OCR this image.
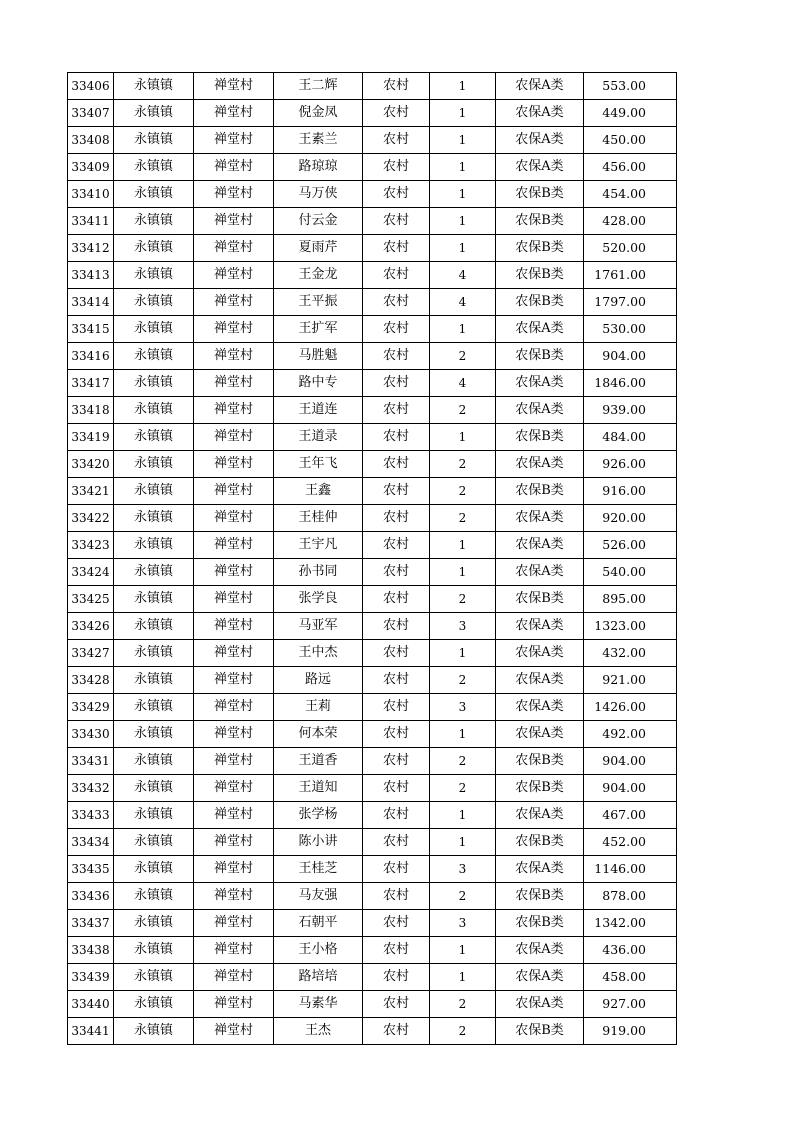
33406	永镇镇	禅堂村	王二辉	农村	1	农保A类	553.00
33407	永镇镇	禅堂村	倪金凤	农村	1	农保A类	449.00
33408	永镇镇	禅堂村	王素兰	农村	1	农保A类	450.00
33409	永镇镇	禅堂村	路琼琼	农村	1	农保A类	456.00
33410	永镇镇	禅堂村	马万侠	农村	1	农保B类	454.00
33411	永镇镇	禅堂村	付云金	农村	1	农保B类	428.00
33412	永镇镇	禅堂村	夏雨芹	农村	1	农保B类	520.00
33413	永镇镇	禅堂村	王金龙	农村	4	农保B类	1761.00
33414	永镇镇	禅堂村	王平振	农村	4	农保B类	1797.00
33415	永镇镇	禅堂村	王扩军	农村	1	农保A类	530.00
33416	永镇镇	禅堂村	马胜魁	农村	2	农保B类	904.00
33417	永镇镇	禅堂村	路中专	农村	4	农保A类	1846.00
33418	永镇镇	禅堂村	王道连	农村	2	农保A类	939.00
33419	永镇镇	禅堂村	王道录	农村	1	农保B类	484.00
33420	永镇镇	禅堂村	王年飞	农村	2	农保A类	926.00
33421	永镇镇	禅堂村	王鑫	农村	2	农保B类	916.00
33422	永镇镇	禅堂村	王桂仲	农村	2	农保A类	920.00
33423	永镇镇	禅堂村	王宇凡	农村	1	农保A类	526.00
33424	永镇镇	禅堂村	孙书同	农村	1	农保A类	540.00
33425	永镇镇	禅堂村	张学良	农村	2	农保B类	895.00
33426	永镇镇	禅堂村	马亚军	农村	3	农保A类	1323.00
33427	永镇镇	禅堂村	王中杰	农村	1	农保A类	432.00
33428	永镇镇	禅堂村	路远	农村	2	农保A类	921.00
33429	永镇镇	禅堂村	王莉	农村	3	农保A类	1426.00
33430	永镇镇	禅堂村	何本荣	农村	1	农保A类	492.00
33431	永镇镇	禅堂村	王道香	农村	2	农保B类	904.00
33432	永镇镇	禅堂村	王道知	农村	2	农保B类	904.00
33433	永镇镇	禅堂村	张学杨	农村	1	农保A类	467.00
33434	永镇镇	禅堂村	陈小讲	农村	1	农保B类	452.00
33435	永镇镇	禅堂村	王桂芝	农村	3	农保A类	1146.00
33436	永镇镇	禅堂村	马友强	农村	2	农保B类	878.00
33437	永镇镇	禅堂村	石朝平	农村	3	农保B类	1342.00
33438	永镇镇	禅堂村	王小格	农村	1	农保A类	436.00
33439	永镇镇	禅堂村	路培培	农村	1	农保A类	458.00
33440	永镇镇	禅堂村	马素华	农村	2	农保A类	927.00
33441	永镇镇	禅堂村	王杰	农村	2	农保B类	919.00
